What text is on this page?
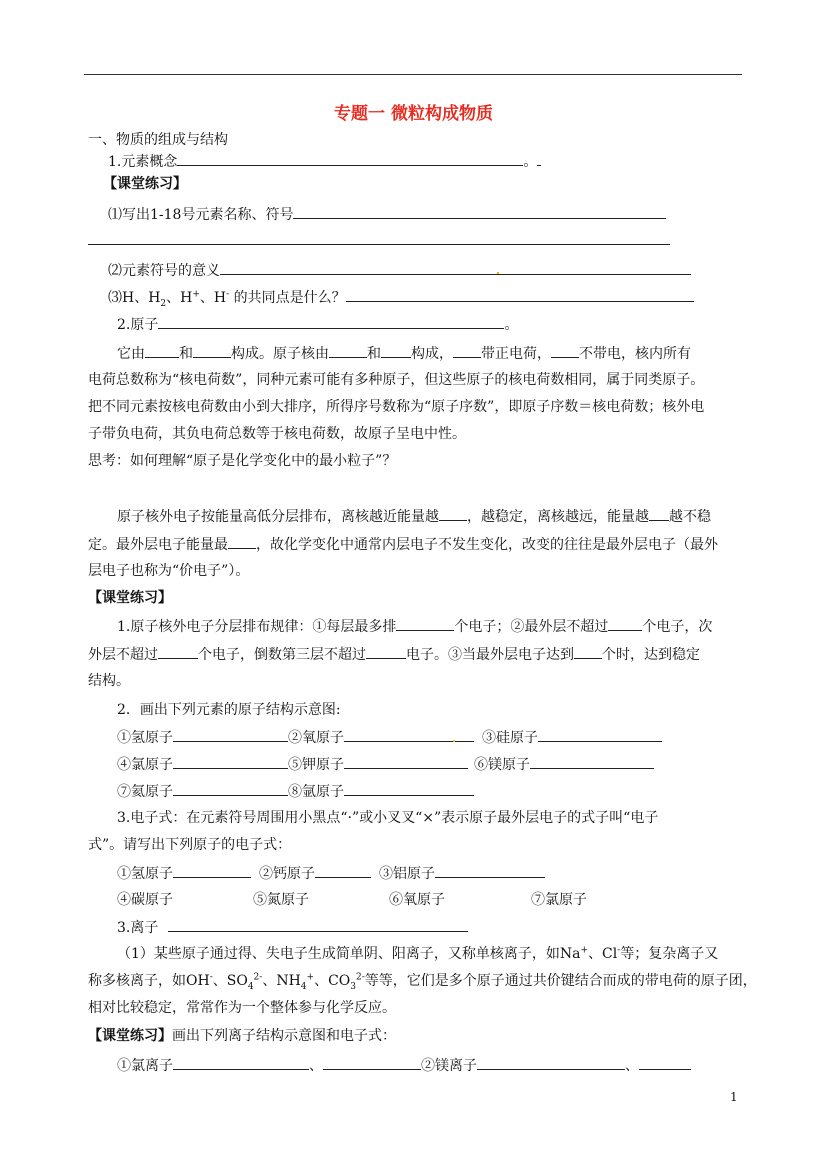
专题一 微粒构成物质
一、物质的组成与结构
1.元素概念	。
【课堂练习】
⑴写出1-18号元素名称、符号
⑵元素符号的意义
⑶H、$H_2$、H+、H- 的共同点是什么？
2.原子	。
它由 和	构成。原子核由	和 构成， 带正电荷， 不带电，核内所有
电荷总数称为“核电荷数”，同种元素可能有多种原子，但这些原子的核电荷数相同，属于同类原子。
把不同元素按核电荷数由小到大排序，所得序号数称为“原子序数”，即原子序数＝核电荷数；核外电
子带负电荷，其负电荷总数等于核电荷数，故原子呈电中性。
思考：如何理解“原子是化学变化中的最小粒子”？
原子核外电子按能量高低分层排布，离核越近能量越 ，越稳定，离核越远，能量越 越不稳
定。最外层电子能量最 ，故化学变化中通常内层电子不发生变化，改变的往往是最外层电子（最外
层电子也称为“价电子”）。
【课堂练习】
1.原子核外电子分层排布规律：①每层最多排	个电子；②最外层不超过 个电子，次
外层不超过	个电子，倒数第三层不超过	电子。③当最外层电子达到 个时，达到稳定
结构。
2．画出下列元素的原子结构示意图:
①氢原子	②氧原子	③硅原子
④氯原子	⑤钾原子	⑥镁原子
⑦氦原子	⑧氩原子
3.电子式：在元素符号周围用小黑点“·”或小叉叉“×”表示原子最外层电子的式子叫“电子
式”。请写出下列原子的电子式：
①氢原子	②钙原子	③铝原子
④碳原子	⑤氮原子	⑥氧原子	⑦氯原子
3.离子
（1）某些原子通过得、失电子生成简单阴、阳离子，又称单核离子，如Na+、Cl-等；复杂离子又
称多核离子，如OH-、$SO_4^{2-}$、$NH_4^+$、$CO_3^{2-}$等等，它们是多个原子通过共价键结合而成的带电荷的原子团，
相对比较稳定，常常作为一个整体参与化学反应。
【课堂练习】画出下列离子结构示意图和电子式：
①氯离子	、	②镁离子	、
1
